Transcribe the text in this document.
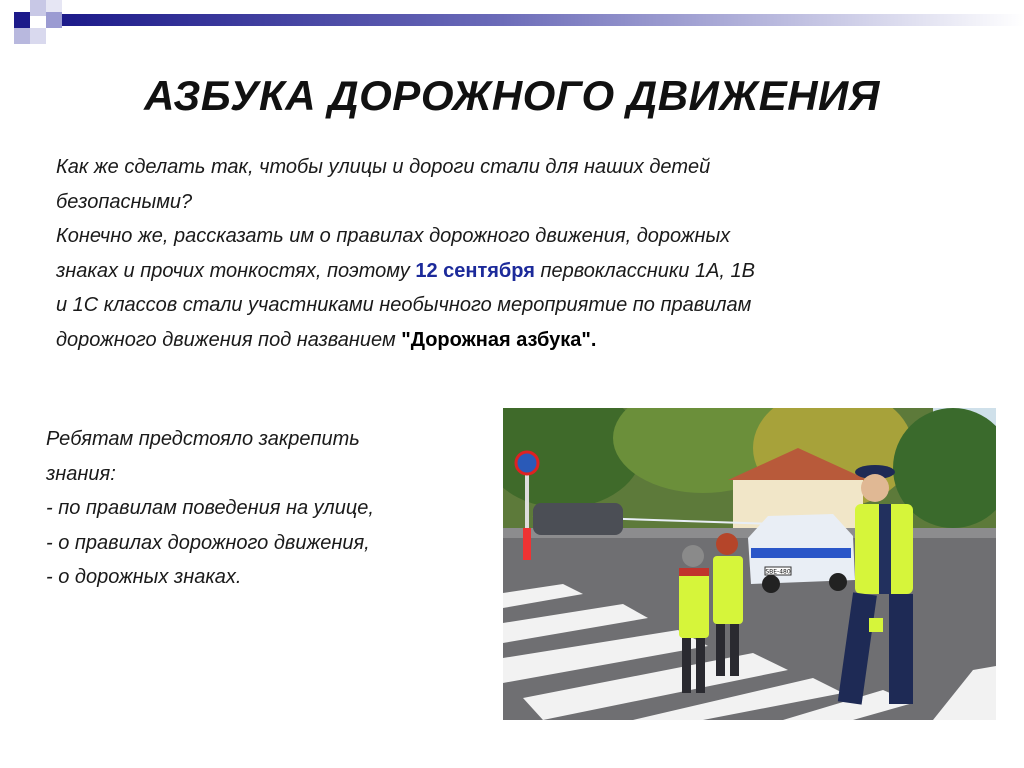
АЗБУКА ДОРОЖНОГО ДВИЖЕНИЯ

Как же сделать так, чтобы улицы и дороги стали для наших детей

безопасными?

Конечно же, рассказать им о правилах дорожного движения, дорожных

знаках и прочих тонкостях, поэтому 12 сентября первоклассники 1А, 1В

и 1С классов стали участниками необычного мероприятие по правилам

дорожного движения под названием "Дорожная азбука".

Ребятам предстояло закрепить
знания:
- по правилам поведения на улице,
- о правилах дорожного движения,
- о дорожных знаках.	SBE-480
